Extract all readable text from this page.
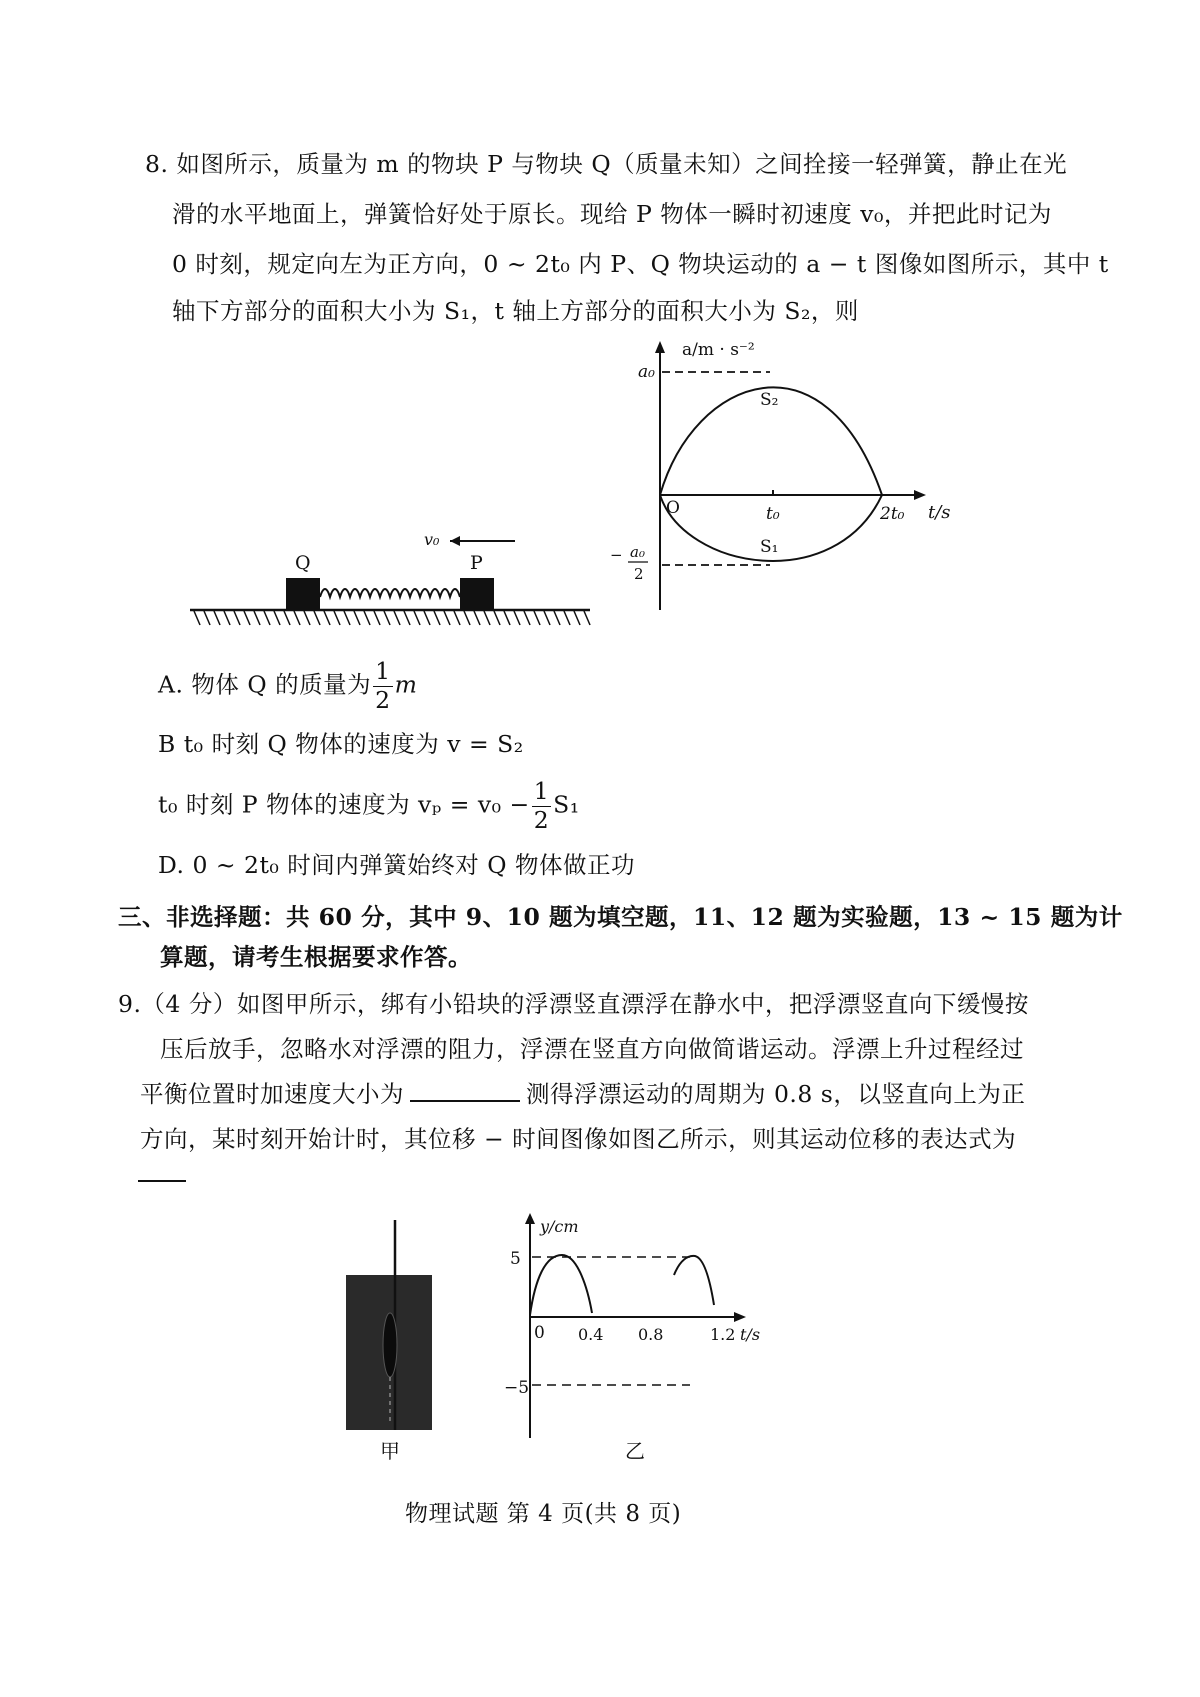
8. 如图所示，质量为 m 的物块 P 与物块 Q（质量未知）之间拴接一轻弹簧，静止在光
滑的水平地面上，弹簧恰好处于原长。现给 P 物体一瞬时初速度 v₀，并把此时记为
0 时刻，规定向左为正方向，0 ~ 2t₀ 内 P、Q 物块运动的 a − t 图像如图所示，其中 t
轴下方部分的面积大小为 S₁，t 轴上方部分的面积大小为 S₂，则
Q	P
v₀
a/m · s⁻²
t/s
a₀
− a₀
2
O	t₀	2t₀
S₂
S₁
A. 物体 Q 的质量为 $\frac{1}{2}$ m
B t₀ 时刻 Q 物体的速度为 v = S₂
t₀ 时刻 P 物体的速度为 $v_p = v_0 - \frac{1}{2} S_1$
D. 0 ~ 2t₀ 时间内弹簧始终对 Q 物体做正功
三、非选择题：共 60 分，其中 9、10 题为填空题，11、12 题为实验题，13 ~ 15 题为计
算题，请考生根据要求作答。
9.（4 分）如图甲所示，绑有小铅块的浮漂竖直漂浮在静水中，把浮漂竖直向下缓慢按
压后放手，忽略水对浮漂的阻力，浮漂在竖直方向做简谐运动。浮漂上升过程经过
平衡位置时加速度大小为	测得浮漂运动的周期为 0.8 s，以竖直向上为正
方向，某时刻开始计时，其位移 − 时间图像如图乙所示，则其运动位移的表达式为
甲
y/cm
t/s
5
−5
0 0.4 0.8	1.2
乙
物理试题 第 4 页(共 8 页)
